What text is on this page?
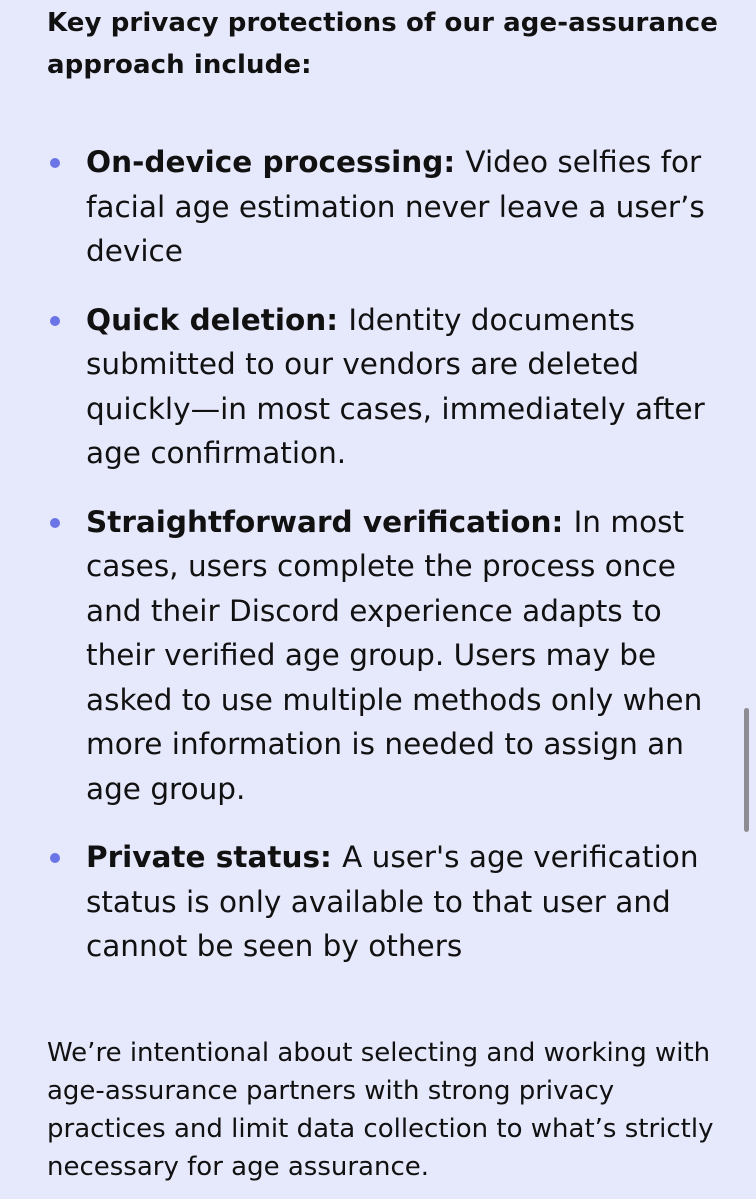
Key privacy protections of our age-assurance approach include:
On-device processing: Video selfies for facial age estimation never leave a user’s device
Quick deletion: Identity documents submitted to our vendors are deleted quickly—in most cases, immediately after age confirmation.
Straightforward verification: In most cases, users complete the process once and their Discord experience adapts to their verified age group. Users may be asked to use multiple methods only when more information is needed to assign an age group.
Private status: A user's age verification status is only available to that user and cannot be seen by others
We’re intentional about selecting and working with age-assurance partners with strong privacy practices and limit data collection to what’s strictly necessary for age assurance.
